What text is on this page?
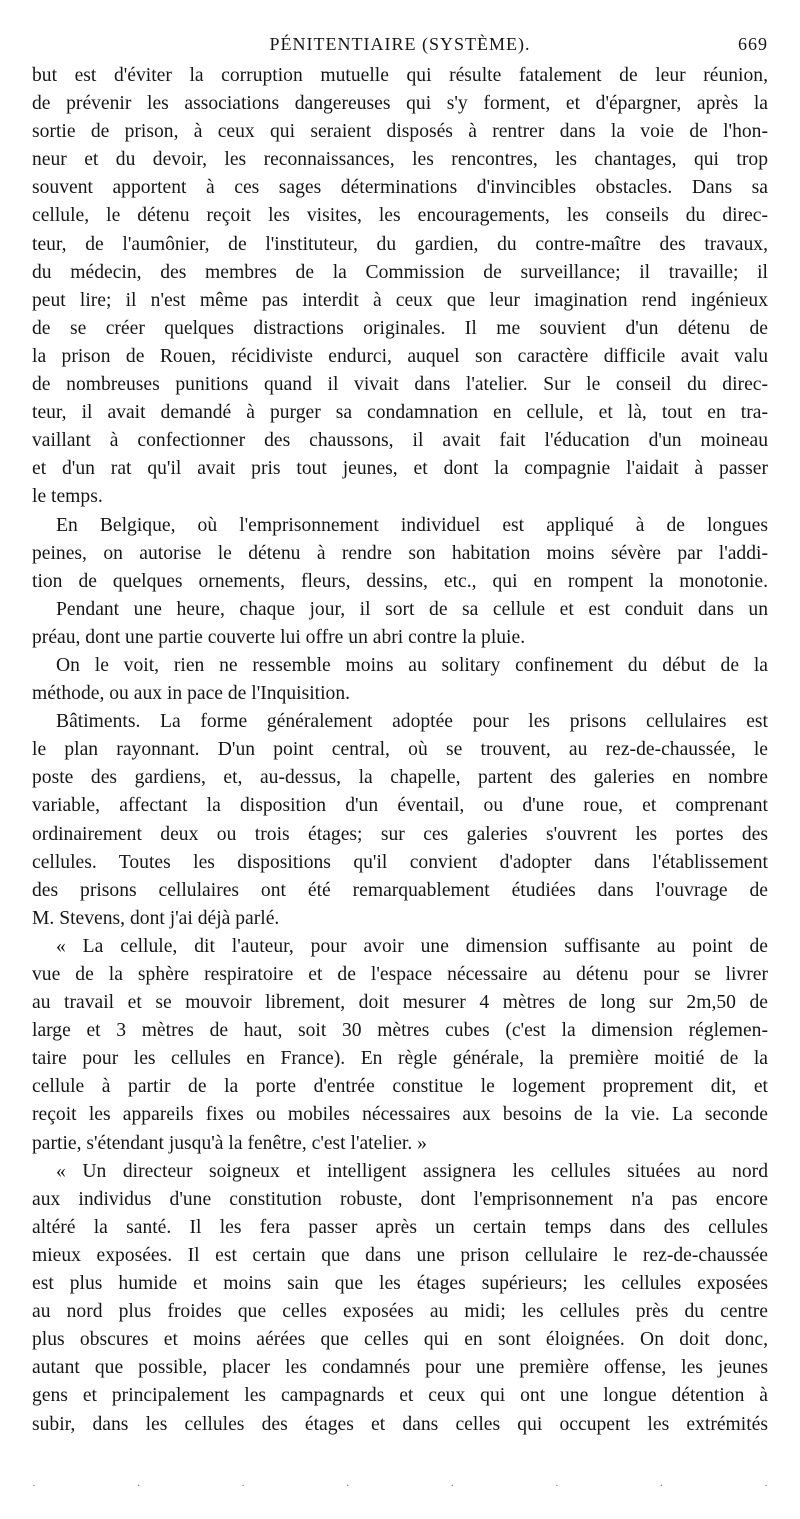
PÉNITENTIAIRE (SYSTÈME).	669
but est d'éviter la corruption mutuelle qui résulte fatalement de leur réunion,
de prévenir les associations dangereuses qui s'y forment, et d'épargner, après la
sortie de prison, à ceux qui seraient disposés à rentrer dans la voie de l'hon-
neur et du devoir, les reconnaissances, les rencontres, les chantages, qui trop
souvent apportent à ces sages déterminations d'invincibles obstacles. Dans sa
cellule, le détenu reçoit les visites, les encouragements, les conseils du direc-
teur, de l'aumônier, de l'instituteur, du gardien, du contre-maître des travaux,
du médecin, des membres de la Commission de surveillance; il travaille; il
peut lire; il n'est même pas interdit à ceux que leur imagination rend ingénieux
de se créer quelques distractions originales. Il me souvient d'un détenu de
la prison de Rouen, récidiviste endurci, auquel son caractère difficile avait valu
de nombreuses punitions quand il vivait dans l'atelier. Sur le conseil du direc-
teur, il avait demandé à purger sa condamnation en cellule, et là, tout en tra-
vaillant à confectionner des chaussons, il avait fait l'éducation d'un moineau
et d'un rat qu'il avait pris tout jeunes, et dont la compagnie l'aidait à passer
le temps.
En Belgique, où l'emprisonnement individuel est appliqué à de longues
peines, on autorise le détenu à rendre son habitation moins sévère par l'addi-
tion de quelques ornements, fleurs, dessins, etc., qui en rompent la monotonie.
Pendant une heure, chaque jour, il sort de sa cellule et est conduit dans un
préau, dont une partie couverte lui offre un abri contre la pluie.
On le voit, rien ne ressemble moins au solitary confinement du début de la
méthode, ou aux in pace de l'Inquisition.
Bâtiments. La forme généralement adoptée pour les prisons cellulaires est
le plan rayonnant. D'un point central, où se trouvent, au rez-de-chaussée, le
poste des gardiens, et, au-dessus, la chapelle, partent des galeries en nombre
variable, affectant la disposition d'un éventail, ou d'une roue, et comprenant
ordinairement deux ou trois étages; sur ces galeries s'ouvrent les portes des
cellules. Toutes les dispositions qu'il convient d'adopter dans l'établissement
des prisons cellulaires ont été remarquablement étudiées dans l'ouvrage de
M. Stevens, dont j'ai déjà parlé.
« La cellule, dit l'auteur, pour avoir une dimension suffisante au point de
vue de la sphère respiratoire et de l'espace nécessaire au détenu pour se livrer
au travail et se mouvoir librement, doit mesurer 4 mètres de long sur 2m,50 de
large et 3 mètres de haut, soit 30 mètres cubes (c'est la dimension réglemen-
taire pour les cellules en France). En règle générale, la première moitié de la
cellule à partir de la porte d'entrée constitue le logement proprement dit, et
reçoit les appareils fixes ou mobiles nécessaires aux besoins de la vie. La seconde
partie, s'étendant jusqu'à la fenêtre, c'est l'atelier. »
« Un directeur soigneux et intelligent assignera les cellules situées au nord
aux individus d'une constitution robuste, dont l'emprisonnement n'a pas encore
altéré la santé. Il les fera passer après un certain temps dans des cellules
mieux exposées. Il est certain que dans une prison cellulaire le rez-de-chaussée
est plus humide et moins sain que les étages supérieurs; les cellules exposées
au nord plus froides que celles exposées au midi; les cellules près du centre
plus obscures et moins aérées que celles qui en sont éloignées. On doit donc,
autant que possible, placer les condamnés pour une première offense, les jeunes
gens et principalement les campagnards et ceux qui ont une longue détention à
subir, dans les cellules des étages et dans celles qui occupent les extrémités
·	·	·	·	·	·	·	·
